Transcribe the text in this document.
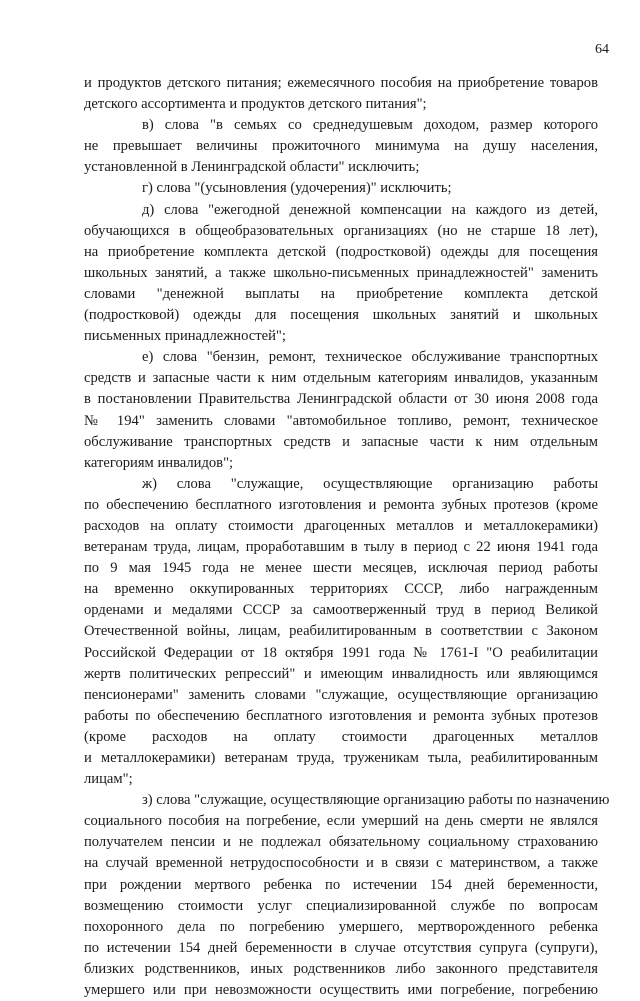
64
и продуктов детского питания; ежемесячного пособия на приобретение товаров
детского ассортимента и продуктов детского питания";
в) слова "в семьях со среднедушевым доходом, размер которого
не превышает величины прожиточного минимума на душу населения,
установленной в Ленинградской области" исключить;
г) слова "(усыновления (удочерения)" исключить;
д) слова "ежегодной денежной компенсации на каждого из детей,
обучающихся в общеобразовательных организациях (но не старше 18 лет),
на приобретение комплекта детской (подростковой) одежды для посещения
школьных занятий, а также школьно-письменных принадлежностей" заменить
словами "денежной выплаты на приобретение комплекта детской
(подростковой) одежды для посещения школьных занятий и школьных
письменных принадлежностей";
е) слова "бензин, ремонт, техническое обслуживание транспортных
средств и запасные части к ним отдельным категориям инвалидов, указанным
в постановлении Правительства Ленинградской области от 30 июня 2008 года
№ 194" заменить словами "автомобильное топливо, ремонт, техническое
обслуживание транспортных средств и запасные части к ним отдельным
категориям инвалидов";
ж) слова "служащие, осуществляющие организацию работы
по обеспечению бесплатного изготовления и ремонта зубных протезов (кроме
расходов на оплату стоимости драгоценных металлов и металлокерамики)
ветеранам труда, лицам, проработавшим в тылу в период с 22 июня 1941 года
по 9 мая 1945 года не менее шести месяцев, исключая период работы
на временно оккупированных территориях СССР, либо награжденным
орденами и медалями СССР за самоотверженный труд в период Великой
Отечественной войны, лицам, реабилитированным в соответствии с Законом
Российской Федерации от 18 октября 1991 года № 1761-I "О реабилитации
жертв политических репрессий" и имеющим инвалидность или являющимся
пенсионерами" заменить словами "служащие, осуществляющие организацию
работы по обеспечению бесплатного изготовления и ремонта зубных протезов
(кроме расходов на оплату стоимости драгоценных металлов
и металлокерамики) ветеранам труда, труженикам тыла, реабилитированным
лицам";
з) слова "служащие, осуществляющие организацию работы по назначению
социального пособия на погребение, если умерший на день смерти не являлся
получателем пенсии и не подлежал обязательному социальному страхованию
на случай временной нетрудоспособности и в связи с материнством, а также
при рождении мертвого ребенка по истечении 154 дней беременности,
возмещению стоимости услуг специализированной службе по вопросам
похоронного дела по погребению умершего, мертворожденного ребенка
по истечении 154 дней беременности в случае отсутствия супруга (супруги),
близких родственников, иных родственников либо законного представителя
умершего или при невозможности осуществить ими погребение, погребению
